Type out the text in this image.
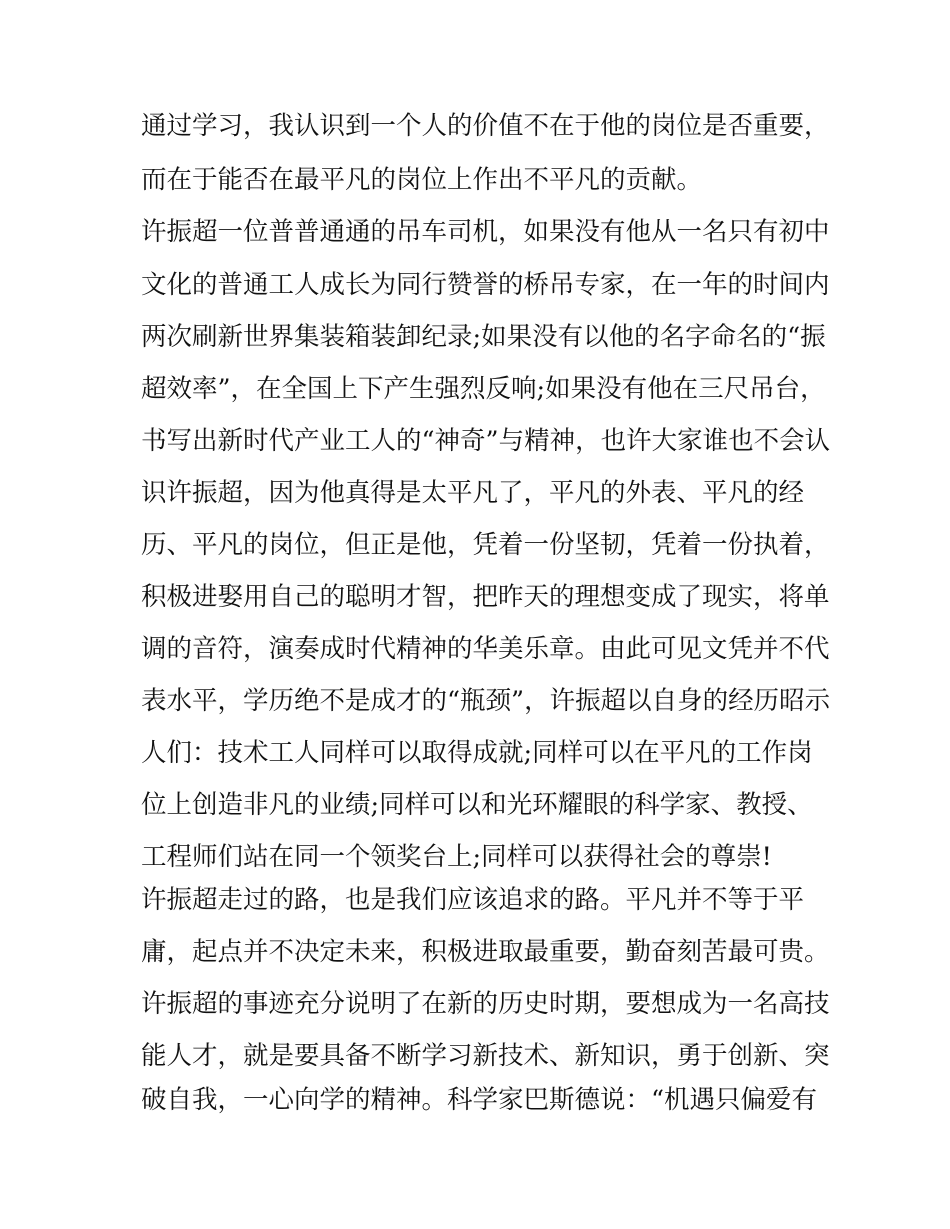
通过学习，我认识到一个人的价值不在于他的岗位是否重要，
而在于能否在最平凡的岗位上作出不平凡的贡献。
许振超一位普普通通的吊车司机，如果没有他从一名只有初中
文化的普通工人成长为同行赞誉的桥吊专家，在一年的时间内
两次刷新世界集装箱装卸纪录;如果没有以他的名字命名的“振
超效率”，在全国上下产生强烈反响;如果没有他在三尺吊台，
书写出新时代产业工人的“神奇”与精神，也许大家谁也不会认
识许振超，因为他真得是太平凡了，平凡的外表、平凡的经
历、平凡的岗位，但正是他，凭着一份坚韧，凭着一份执着，
积极进娶用自己的聪明才智，把昨天的理想变成了现实，将单
调的音符，演奏成时代精神的华美乐章。由此可见文凭并不代
表水平，学历绝不是成才的“瓶颈”，许振超以自身的经历昭示
人们：技术工人同样可以取得成就;同样可以在平凡的工作岗
位上创造非凡的业绩;同样可以和光环耀眼的科学家、教授、
工程师们站在同一个领奖台上;同样可以获得社会的尊崇!
许振超走过的路，也是我们应该追求的路。平凡并不等于平
庸，起点并不决定未来，积极进取最重要，勤奋刻苦最可贵。
许振超的事迹充分说明了在新的历史时期，要想成为一名高技
能人才，就是要具备不断学习新技术、新知识，勇于创新、突
破自我，一心向学的精神。科学家巴斯德说：“机遇只偏爱有
